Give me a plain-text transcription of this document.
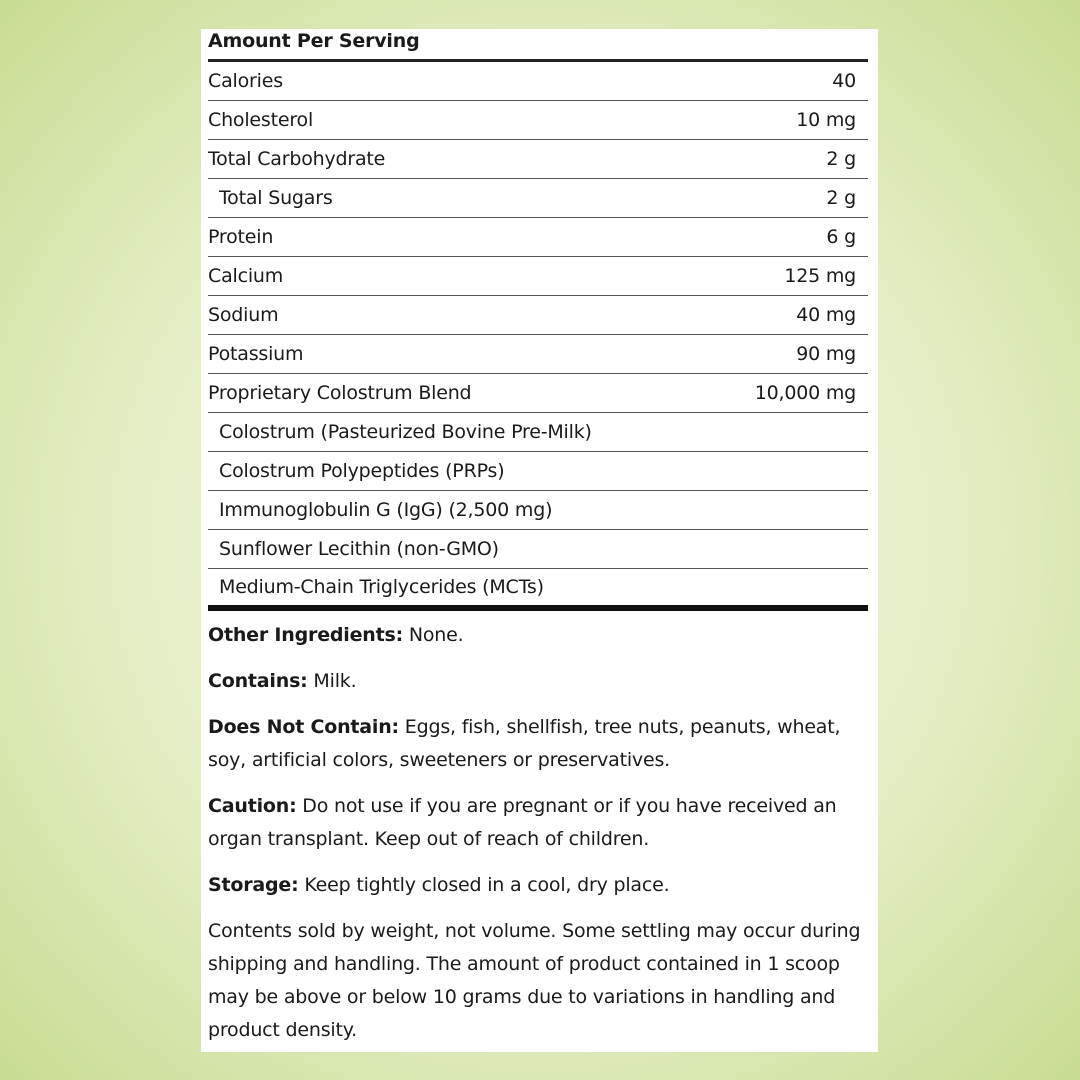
Amount Per Serving
Calories	40
Cholesterol	10 mg
Total Carbohydrate	2 g
Total Sugars	2 g
Protein	6 g
Calcium	125 mg
Sodium	40 mg
Potassium	90 mg
Proprietary Colostrum Blend	10,000 mg
Colostrum (Pasteurized Bovine Pre-Milk)
Colostrum Polypeptides (PRPs)
Immunoglobulin G (IgG) (2,500 mg)
Sunflower Lecithin (non-GMO)
Medium-Chain Triglycerides (MCTs)

Other Ingredients: None.

Contains: Milk.

Does Not Contain: Eggs, fish, shellfish, tree nuts, peanuts, wheat, soy, artificial colors, sweeteners or preservatives.

Caution: Do not use if you are pregnant or if you have received an organ transplant. Keep out of reach of children.

Storage: Keep tightly closed in a cool, dry place.

Contents sold by weight, not volume. Some settling may occur during shipping and handling. The amount of product contained in 1 scoop may be above or below 10 grams due to variations in handling and product density.
